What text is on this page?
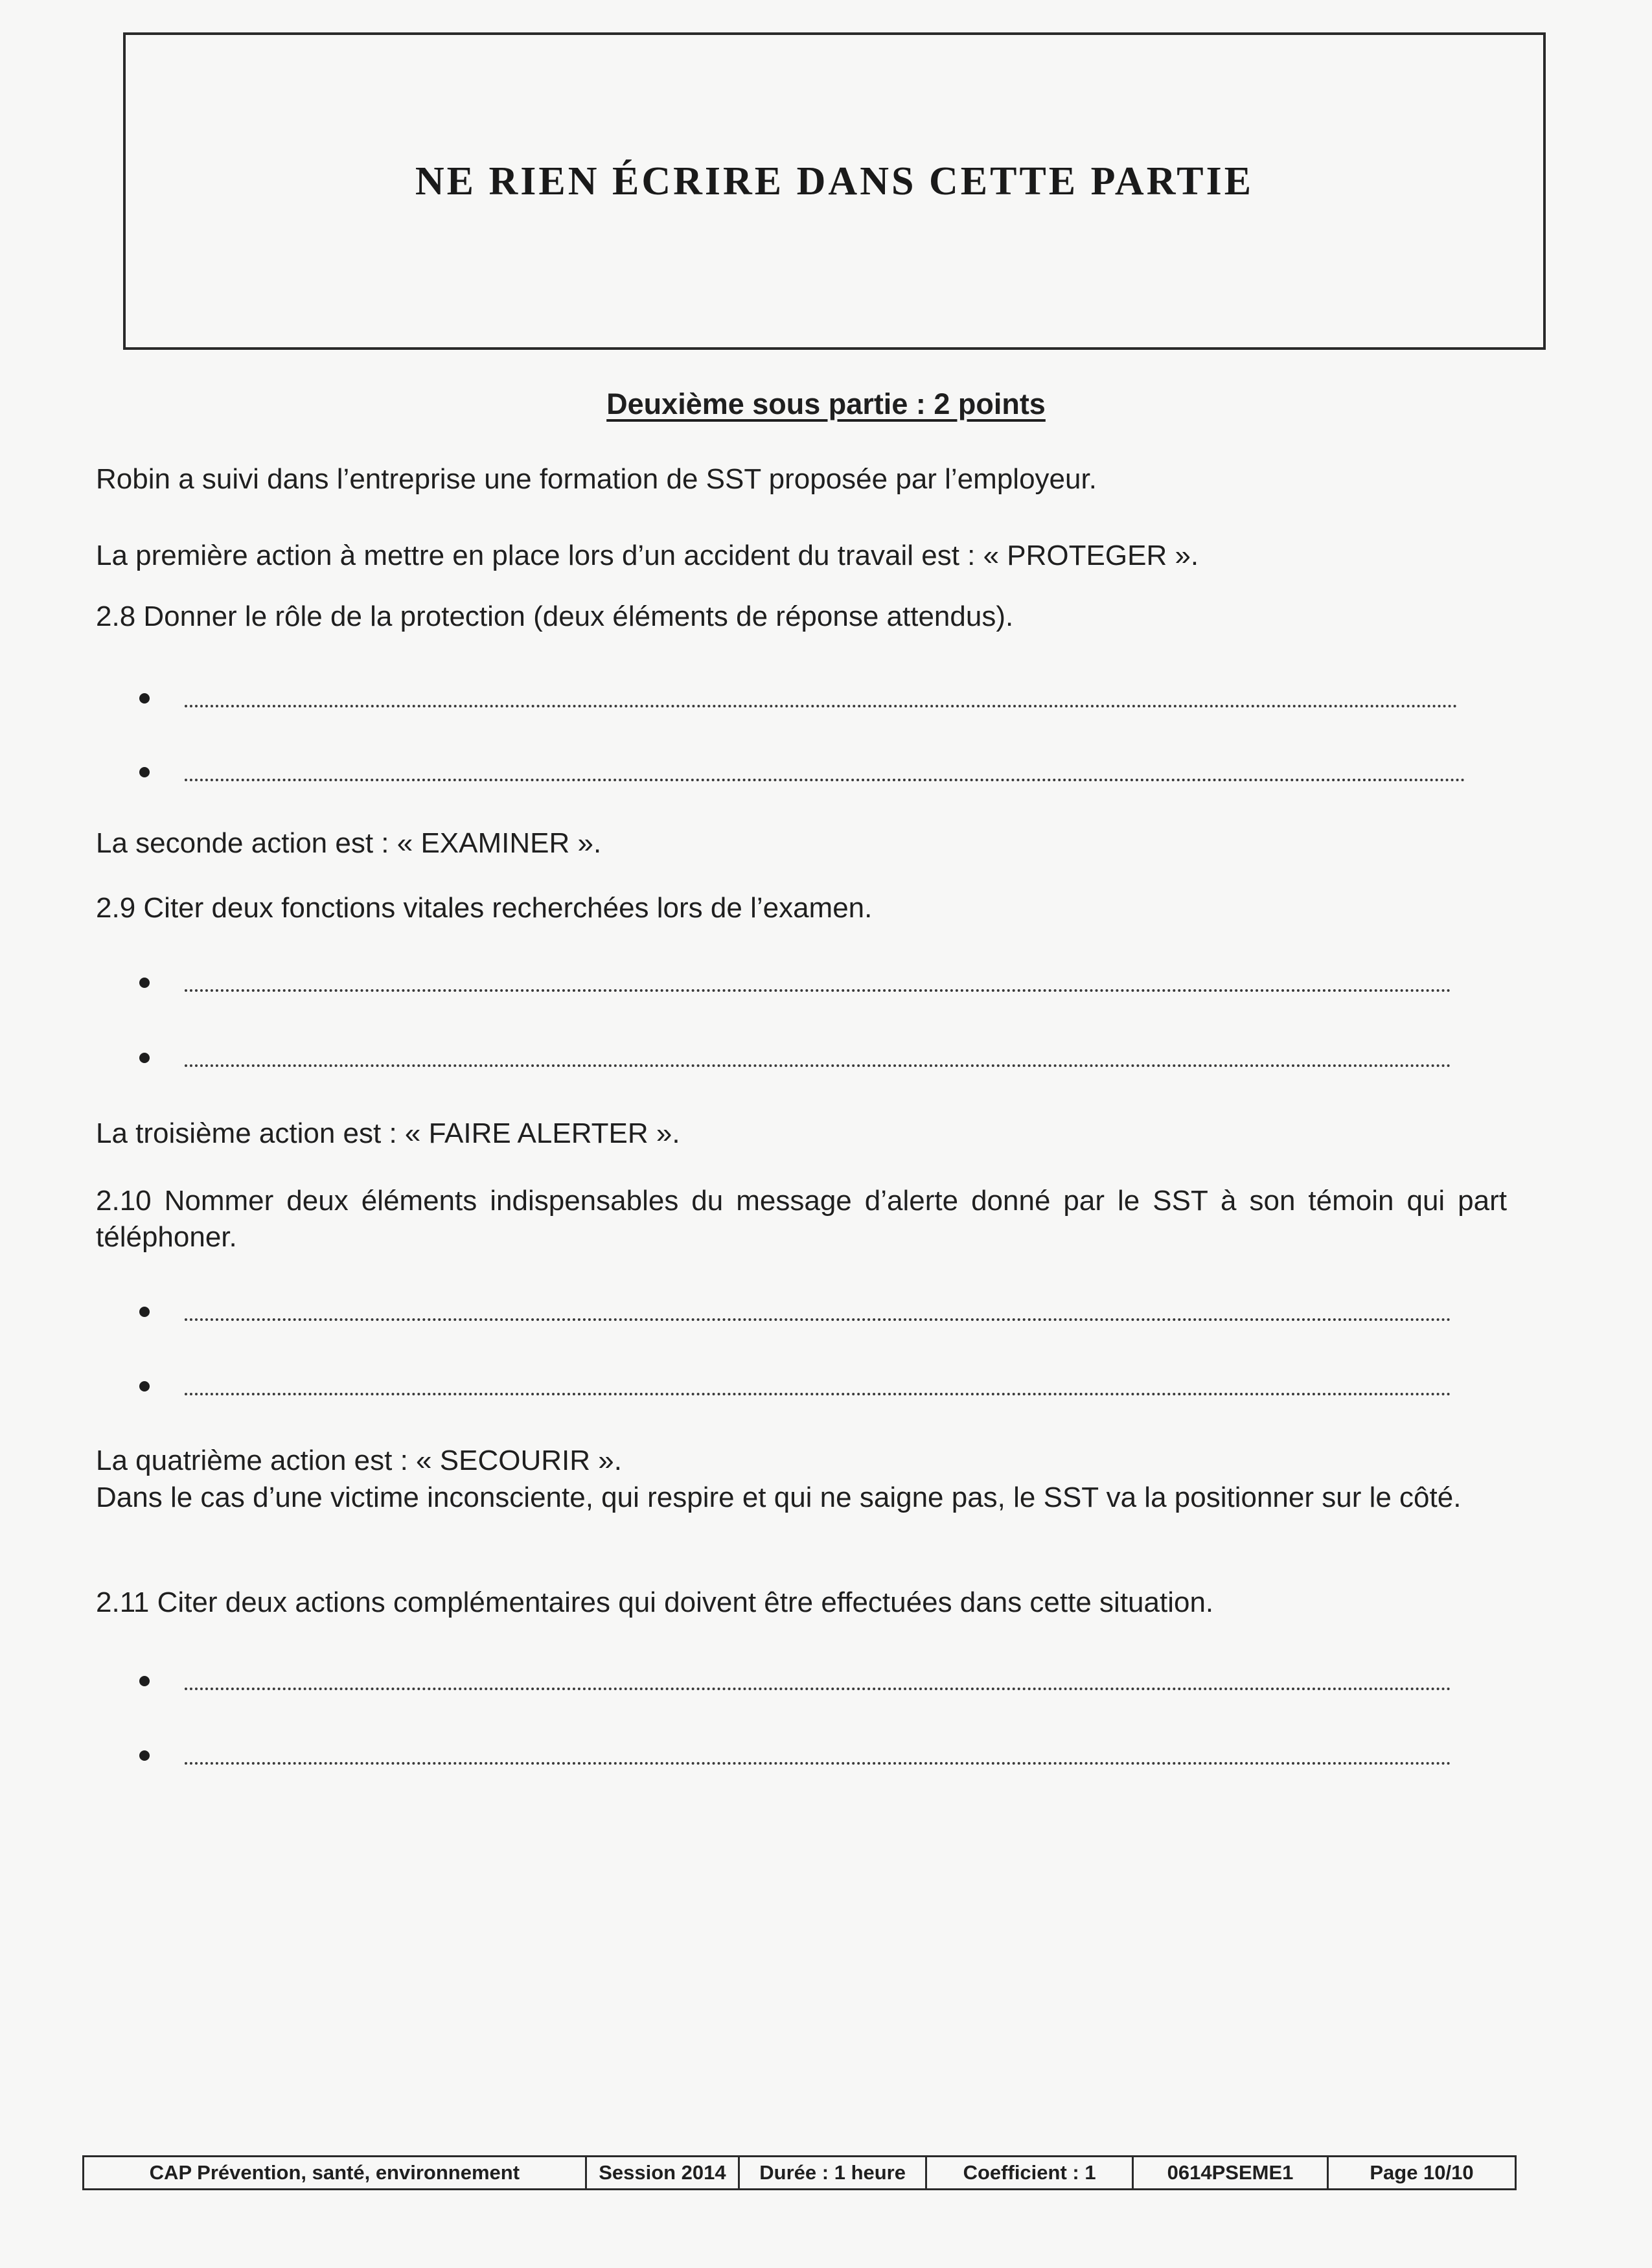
NE RIEN ÉCRIRE DANS CETTE PARTIE
Deuxième sous partie : 2 points
Robin a suivi dans l’entreprise une formation de SST proposée par l’employeur.
La première action à mettre en place lors d’un accident du travail est : « PROTEGER ».
2.8 Donner le rôle de la protection (deux éléments de réponse attendus).
La seconde action est : « EXAMINER ».
2.9 Citer deux fonctions vitales recherchées lors de l’examen.
La troisième action est : « FAIRE ALERTER ».
2.10 Nommer deux éléments indispensables du message d’alerte donné par le SST à son témoin qui part téléphoner.
La quatrième action est : « SECOURIR ».
Dans le cas d’une victime inconsciente, qui respire et qui ne saigne pas, le SST va la positionner sur le côté.
2.11 Citer deux actions complémentaires qui doivent être effectuées dans cette situation.
CAP Prévention, santé, environnement	Session 2014	Durée : 1 heure	Coefficient : 1	0614PSEME1	Page 10/10
